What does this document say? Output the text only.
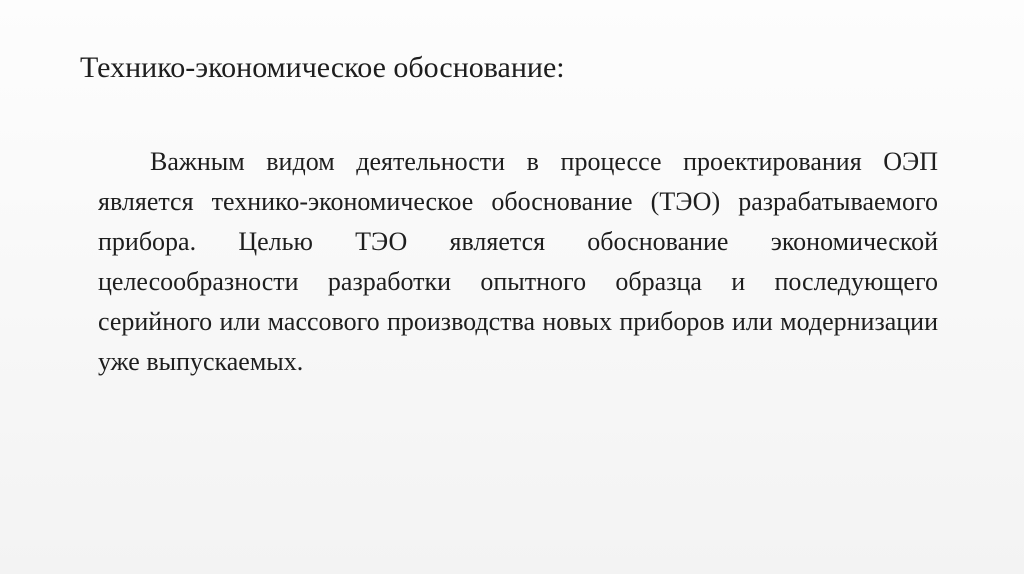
Технико-экономическое обоснование:

Важным видом деятельности в процессе проектирования ОЭП является технико-экономическое обоснование (ТЭО) разрабатываемого прибора. Целью ТЭО является обоснование экономической целесообразности разработки опытного образца и последующего серийного или массового производства новых приборов или модернизации уже выпускаемых.
